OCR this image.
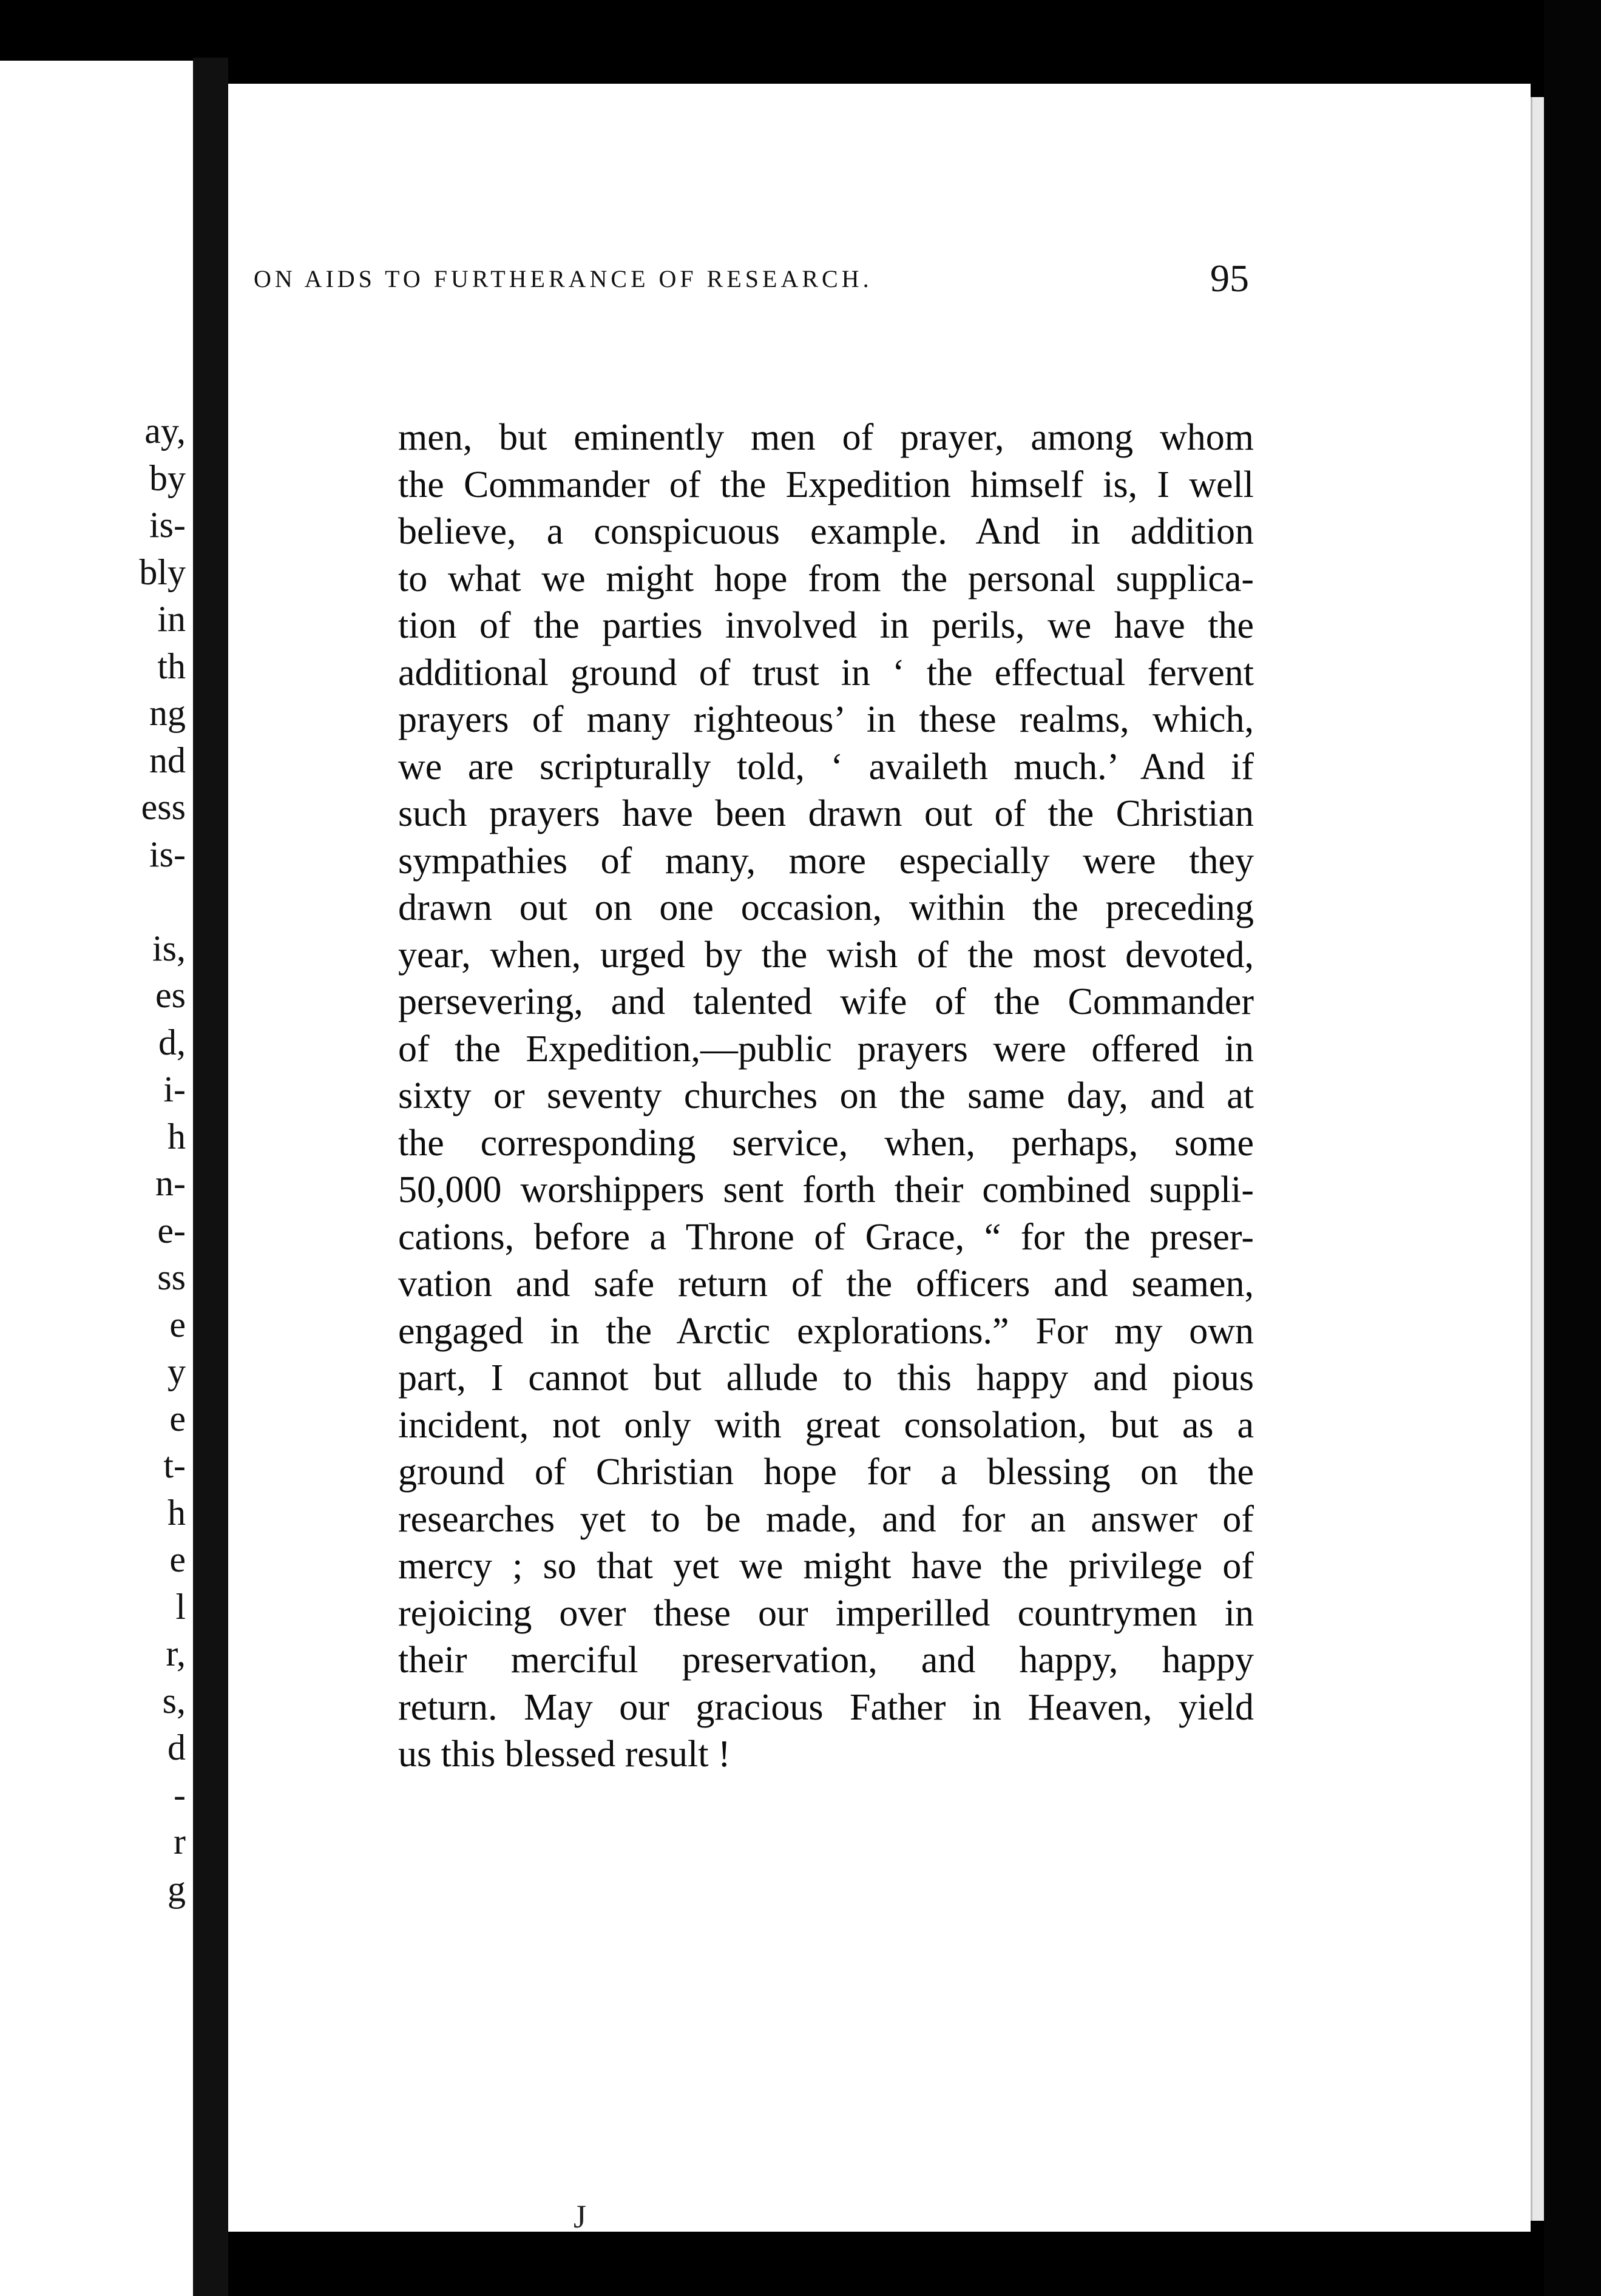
ay,
by
is-
bly
in
th
ng
nd
ess
is-
is,
es
d,
i-
h
n-
e-
ss
e
y
e
t-
h
e
l
r,
s,
d
-
r
g
ON AIDS TO FURTHERANCE OF RESEARCH.	95
men, but eminently men of prayer, among whom
the Commander of the Expedition himself is, I well
believe, a conspicuous example. And in addition
to what we might hope from the personal supplica-
tion of the parties involved in perils, we have the
additional ground of trust in ‘ the effectual fervent
prayers of many righteous’ in these realms, which,
we are scripturally told, ‘ availeth much.’ And if
such prayers have been drawn out of the Christian
sympathies of many, more especially were they
drawn out on one occasion, within the preceding
year, when, urged by the wish of the most devoted,
persevering, and talented wife of the Commander
of the Expedition,—public prayers were offered in
sixty or seventy churches on the same day, and at
the corresponding service, when, perhaps, some
50,000 worshippers sent forth their combined suppli-
cations, before a Throne of Grace, “ for the preser-
vation and safe return of the officers and seamen,
engaged in the Arctic explorations.” For my own
part, I cannot but allude to this happy and pious
incident, not only with great consolation, but as a
ground of Christian hope for a blessing on the
researches yet to be made, and for an answer of
mercy ; so that yet we might have the privilege of
rejoicing over these our imperilled countrymen in
their merciful preservation, and happy, happy
return. May our gracious Father in Heaven, yield
us this blessed result !
J
